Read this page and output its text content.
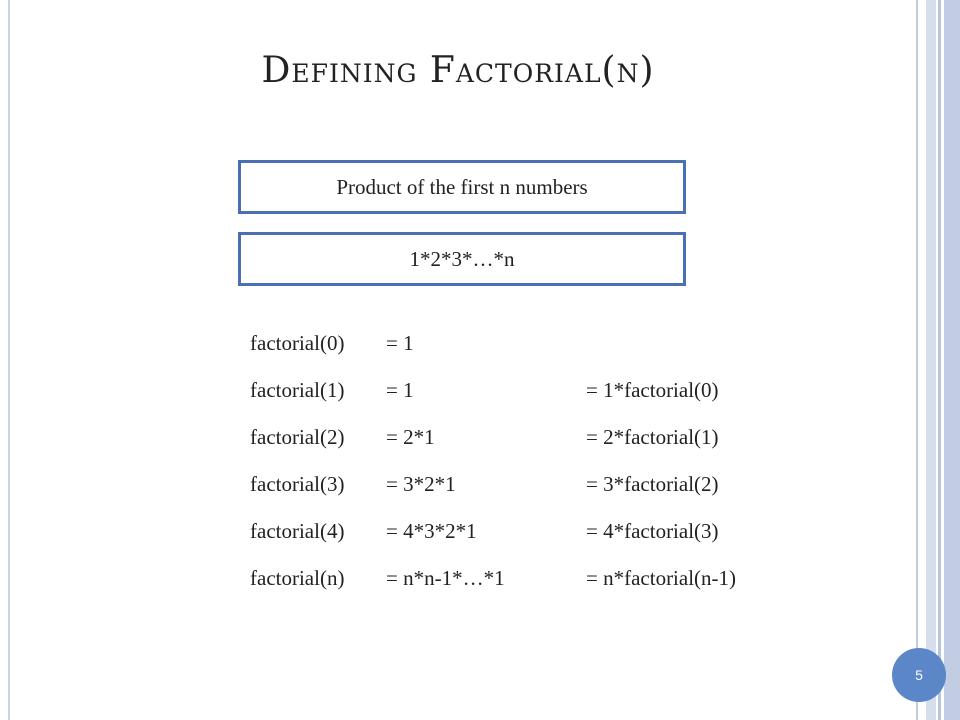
Defining Factorial(n)
Product of the first n numbers
1*2*3*…*n
factorial(0) = 1
factorial(1) = 1	= 1*factorial(0)
factorial(2) = 2*1	= 2*factorial(1)
factorial(3) = 3*2*1	= 3*factorial(2)
factorial(4) = 4*3*2*1	= 4*factorial(3)
factorial(n) = n*n-1*…*1	= n*factorial(n-1)
5
